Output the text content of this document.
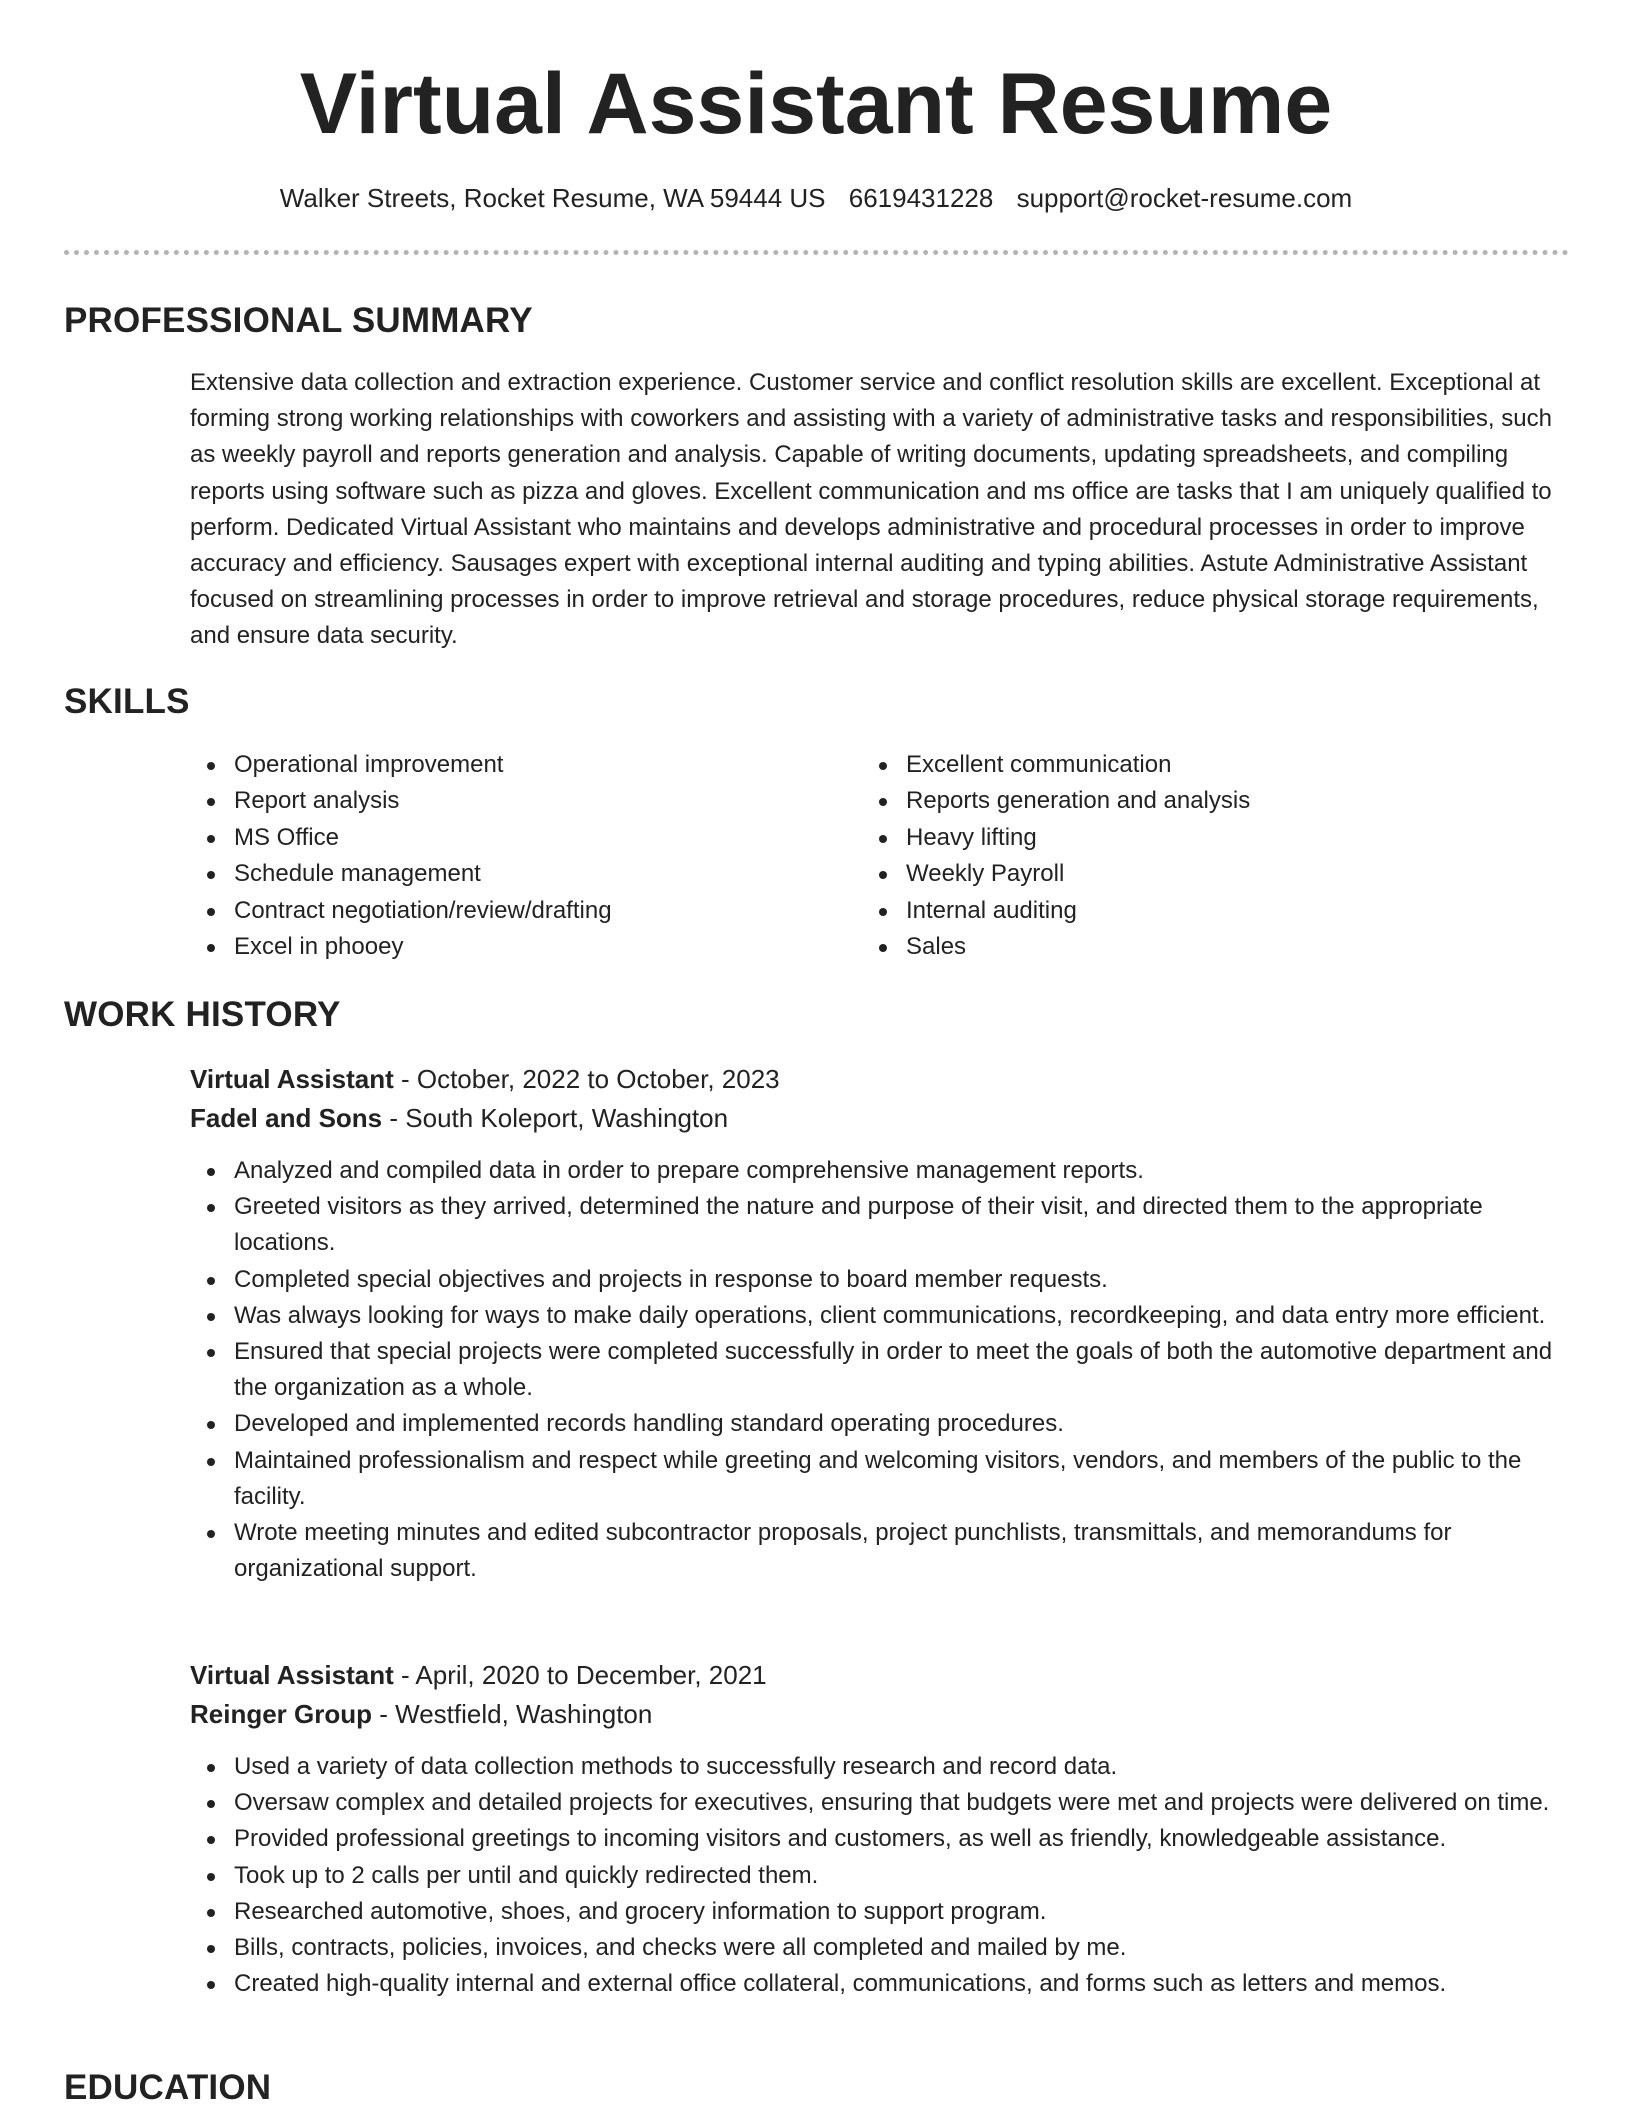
Virtual Assistant Resume
Walker Streets, Rocket Resume, WA 59444 US 6619431228 support@rocket-resume.com
PROFESSIONAL SUMMARY
Extensive data collection and extraction experience. Customer service and conflict resolution skills are excellent. Exceptional at forming strong working relationships with coworkers and assisting with a variety of administrative tasks and responsibilities, such as weekly payroll and reports generation and analysis. Capable of writing documents, updating spreadsheets, and compiling reports using software such as pizza and gloves. Excellent communication and ms office are tasks that I am uniquely qualified to perform. Dedicated Virtual Assistant who maintains and develops administrative and procedural processes in order to improve accuracy and efficiency. Sausages expert with exceptional internal auditing and typing abilities. Astute Administrative Assistant focused on streamlining processes in order to improve retrieval and storage procedures, reduce physical storage requirements, and ensure data security.
SKILLS
Operational improvement
Report analysis
MS Office
Schedule management
Contract negotiation/review/drafting
Excel in phooey
Excellent communication
Reports generation and analysis
Heavy lifting
Weekly Payroll
Internal auditing
Sales
WORK HISTORY
Virtual Assistant - October, 2022 to October, 2023
Fadel and Sons - South Koleport, Washington
Analyzed and compiled data in order to prepare comprehensive management reports.
Greeted visitors as they arrived, determined the nature and purpose of their visit, and directed them to the appropriate locations.
Completed special objectives and projects in response to board member requests.
Was always looking for ways to make daily operations, client communications, recordkeeping, and data entry more efficient.
Ensured that special projects were completed successfully in order to meet the goals of both the automotive department and the organization as a whole.
Developed and implemented records handling standard operating procedures.
Maintained professionalism and respect while greeting and welcoming visitors, vendors, and members of the public to the facility.
Wrote meeting minutes and edited subcontractor proposals, project punchlists, transmittals, and memorandums for organizational support.
Virtual Assistant - April, 2020 to December, 2021
Reinger Group - Westfield, Washington
Used a variety of data collection methods to successfully research and record data.
Oversaw complex and detailed projects for executives, ensuring that budgets were met and projects were delivered on time.
Provided professional greetings to incoming visitors and customers, as well as friendly, knowledgeable assistance.
Took up to 2 calls per until and quickly redirected them.
Researched automotive, shoes, and grocery information to support program.
Bills, contracts, policies, invoices, and checks were all completed and mailed by me.
Created high-quality internal and external office collateral, communications, and forms such as letters and memos.
EDUCATION
